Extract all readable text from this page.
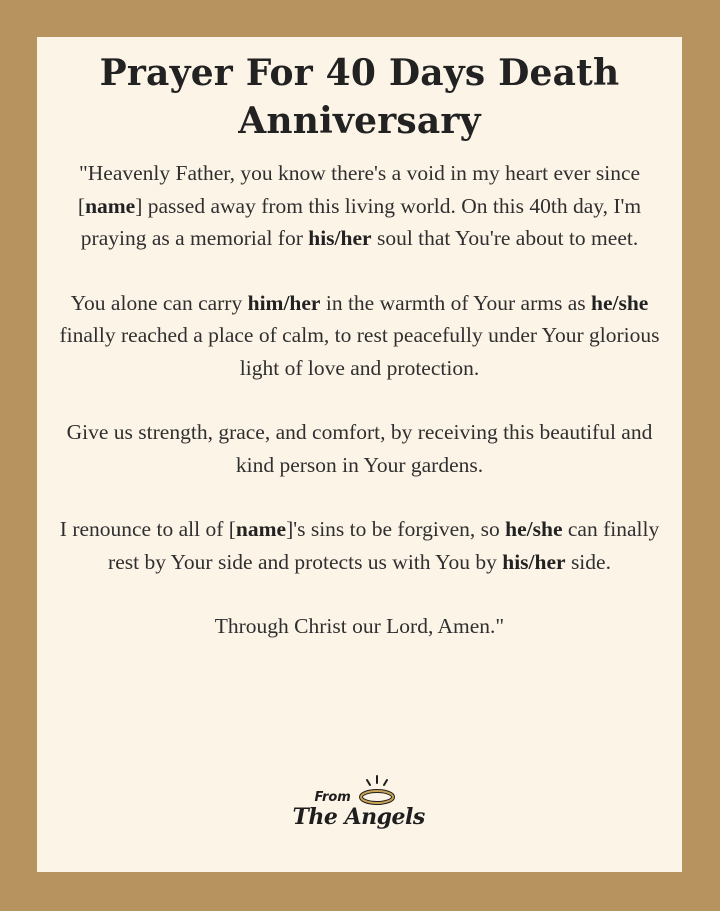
Prayer For 40 Days Death
Anniversary

"Heavenly Father, you know there's a void in my heart ever since [name] passed away from this living world. On this 40th day, I'm praying as a memorial for his/her soul that You're about to meet.

You alone can carry him/her in the warmth of Your arms as he/she finally reached a place of calm, to rest peacefully under Your glorious light of love and protection.

Give us strength, grace, and comfort, by receiving this beautiful and kind person in Your gardens.

I renounce to all of [name]'s sins to be forgiven, so he/she can finally rest by Your side and protects us with You by his/her side.

Through Christ our Lord, Amen."

From
The Angels
